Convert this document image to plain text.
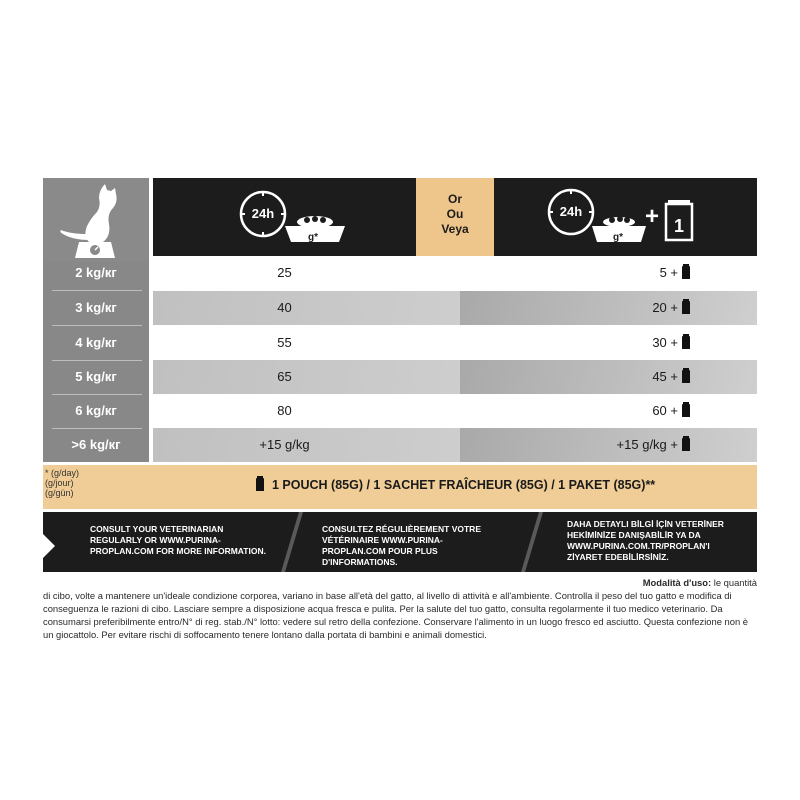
2 kg/кг
3 kg/кг
4 kg/кг
5 kg/кг
6 kg/кг
>6 kg/кг
24h
g*
Or
Ou
Veya
24h
g*
+ 1
25
40
55
65
80
+15 g/kg
5 +
20 +
30 +
45 +
60 +
+15 g/kg +
* (g/day)
(g/jour)
(g/gün)
1 POUCH (85G) / 1 SACHET FRAÎCHEUR (85G) / 1 PAKET (85G)**
CONSULT YOUR VETERINARIAN REGULARLY OR WWW.PURINA-PROPLAN.COM FOR MORE INFORMATION.
CONSULTEZ RÉGULIÈREMENT VOTRE VÉTÉRINAIRE WWW.PURINA-PROPLAN.COM POUR PLUS D'INFORMATIONS.
DAHA DETAYLI BİLGİ İÇİN VETERİNER HEKİMİNİZE DANIŞABİLİR YA DA WWW.PURINA.COM.TR/PROPLAN'I ZİYARET EDEBİLİRSİNİZ.
Modalità d'uso: le quantità
di cibo, volte a mantenere un'ideale condizione corporea, variano in base all'età del gatto, al livello di attività e all'ambiente. Controlla il peso del tuo gatto e modifica di conseguenza le razioni di cibo. Lasciare sempre a disposizione acqua fresca e pulita. Per la salute del tuo gatto, consulta regolarmente il tuo medico veterinario. Da consumarsi preferibilmente entro/N° di reg. stab./N° lotto: vedere sul retro della confezione. Conservare l'alimento in un luogo fresco ed asciutto. Questa confezione non è un giocattolo. Per evitare rischi di soffocamento tenere lontano dalla portata di bambini e animali domestici.
